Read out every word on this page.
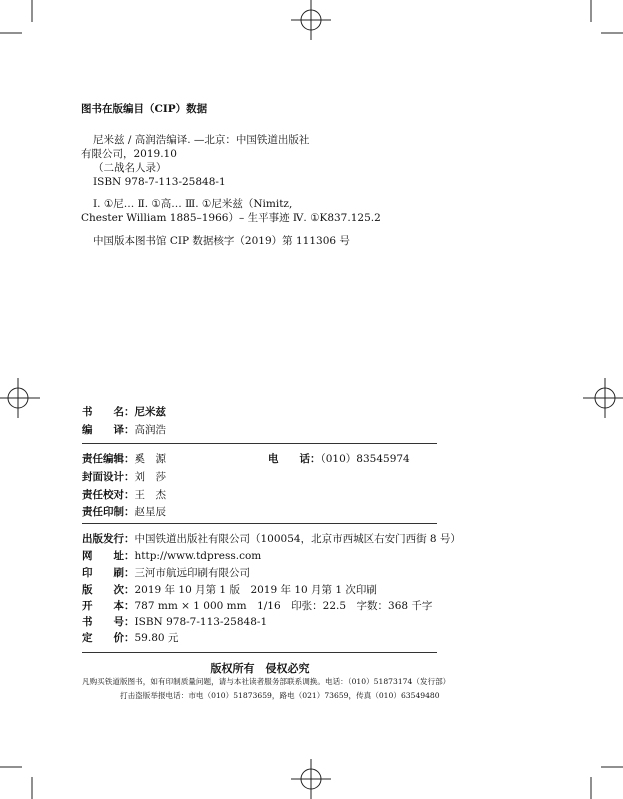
图书在版编目（CIP）数据
尼米兹 / 高润浩编译. —北京：中国铁道出版社
有限公司，2019.10
（二战名人录）
ISBN 978-7-113-25848-1
Ⅰ. ①尼… Ⅱ. ①高… Ⅲ. ①尼米兹（Nimitz,
Chester William 1885–1966）– 生平事迹 Ⅳ. ①K837.125.2
中国版本图书馆 CIP 数据核字（2019）第 111306 号
书　　名：尼米兹
编　　译：高润浩
责任编辑：奚　源	电　　话：（010）83545974
封面设计：刘　莎
责任校对：王　杰
责任印制：赵星辰
出版发行：中国铁道出版社有限公司（100054，北京市西城区右安门西街 8 号）
网　　址：http://www.tdpress.com
印　　刷：三河市航远印刷有限公司
版　　次：2019 年 10 月第 1 版　2019 年 10 月第 1 次印刷
开　　本：787 mm × 1 000 mm　1/16　印张：22.5　字数：368 千字
书　　号：ISBN 978-7-113-25848-1
定　　价：59.80 元
版权所有　侵权必究
凡购买铁道版图书，如有印制质量问题，请与本社读者服务部联系调换。电话：（010）51873174（发行部）
打击盗版举报电话：市电（010）51873659，路电（021）73659，传真（010）63549480
